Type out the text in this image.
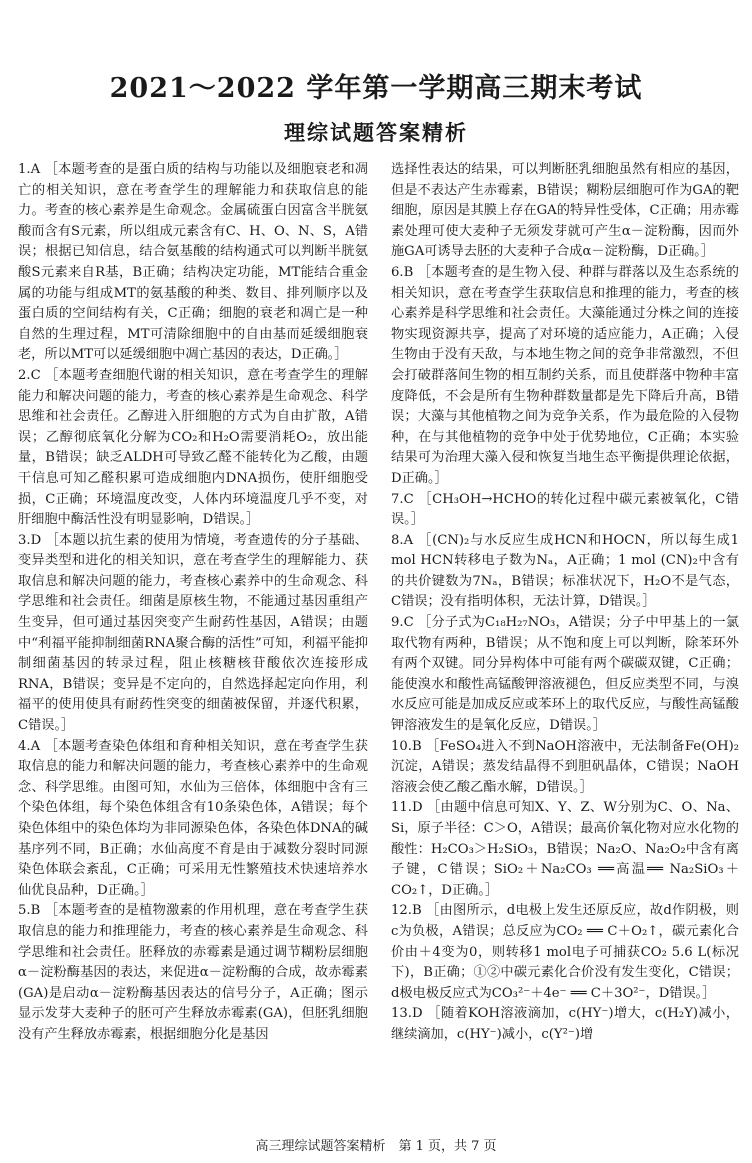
2021～2022 学年第一学期高三期末考试
理综试题答案精析

1.A ［本题考查的是蛋白质的结构与功能以及细胞衰老和凋亡的相关知识，意在考查学生的理解能力和获取信息的能力。考查的核心素养是生命观念。金属硫蛋白因富含半胱氨酸而含有S元素，所以组成元素含有C、H、O、N、S，A错误；根据已知信息，结合氨基酸的结构通式可以判断半胱氨酸S元素来自R基，B正确；结构决定功能，MT能结合重金属的功能与组成MT的氨基酸的种类、数目、排列顺序以及蛋白质的空间结构有关，C正确；细胞的衰老和凋亡是一种自然的生理过程，MT可清除细胞中的自由基而延缓细胞衰老，所以MT可以延缓细胞中凋亡基因的表达，D正确。］

2.C ［本题考查细胞代谢的相关知识，意在考查学生的理解能力和解决问题的能力，考查的核心素养是生命观念、科学思维和社会责任。乙醇进入肝细胞的方式为自由扩散，A错误；乙醇彻底氧化分解为CO₂和H₂O需要消耗O₂，放出能量，B错误；缺乏ALDH可导致乙醛不能转化为乙酸，由题干信息可知乙醛积累可造成细胞内DNA损伤，使肝细胞受损，C正确；环境温度改变，人体内环境温度几乎不变，对肝细胞中酶活性没有明显影响，D错误。］

3.D ［本题以抗生素的使用为情境，考查遗传的分子基础、变异类型和进化的相关知识，意在考查学生的理解能力、获取信息和解决问题的能力，考查核心素养中的生命观念、科学思维和社会责任。细菌是原核生物，不能通过基因重组产生变异，但可通过基因突变产生耐药性基因，A错误；由题中“利福平能抑制细菌RNA聚合酶的活性”可知，利福平能抑制细菌基因的转录过程，阻止核糖核苷酸依次连接形成RNA，B错误；变异是不定向的，自然选择起定向作用，利福平的使用使具有耐药性突变的细菌被保留，并逐代积累，C错误。］

4.A ［本题考查染色体组和育种相关知识，意在考查学生获取信息的能力和解决问题的能力，考查核心素养中的生命观念、科学思维。由图可知，水仙为三倍体，体细胞中含有三个染色体组，每个染色体组含有10条染色体，A错误；每个染色体组中的染色体均为非同源染色体，各染色体DNA的碱基序列不同，B正确；水仙高度不育是由于减数分裂时同源染色体联会紊乱，C正确；可采用无性繁殖技术快速培养水仙优良品种，D正确。］

5.B ［本题考查的是植物激素的作用机理，意在考查学生获取信息的能力和推理能力，考查的核心素养是生命观念、科学思维和社会责任。胚释放的赤霉素是通过调节糊粉层细胞α－淀粉酶基因的表达，来促进α－淀粉酶的合成，故赤霉素(GA)是启动α－淀粉酶基因表达的信号分子，A正确；图示显示发芽大麦种子的胚可产生释放赤霉素(GA)，但胚乳细胞没有产生释放赤霉素，根据细胞分化是基因

选择性表达的结果，可以判断胚乳细胞虽然有相应的基因，但是不表达产生赤霉素，B错误；糊粉层细胞可作为GA的靶细胞，原因是其膜上存在GA的特异性受体，C正确；用赤霉素处理可使大麦种子无须发芽就可产生α－淀粉酶，因而外施GA可诱导去胚的大麦种子合成α－淀粉酶，D正确。］

6.B ［本题考查的是生物入侵、种群与群落以及生态系统的相关知识，意在考查学生获取信息和推理的能力，考查的核心素养是科学思维和社会责任。大藻能通过分株之间的连接物实现资源共享，提高了对环境的适应能力，A正确；入侵生物由于没有天敌，与本地生物之间的竞争非常激烈，不但会打破群落间生物的相互制约关系，而且使群落中物种丰富度降低，不会是所有生物种群数量都是先下降后升高，B错误；大藻与其他植物之间为竞争关系，作为最危险的入侵物种，在与其他植物的竞争中处于优势地位，C正确；本实验结果可为治理大藻入侵和恢复当地生态平衡提供理论依据，D正确。］

7.C ［CH₃OH→HCHO的转化过程中碳元素被氧化，C错误。］

8.A ［(CN)₂与水反应生成HCN和HOCN，所以每生成1 mol HCN转移电子数为Nₐ，A正确；1 mol (CN)₂中含有的共价键数为7Nₐ，B错误；标准状况下，H₂O不是气态，C错误；没有指明体积，无法计算，D错误。］

9.C ［分子式为C₁₈H₂₇NO₃，A错误；分子中甲基上的一氯取代物有两种，B错误；从不饱和度上可以判断，除苯环外有两个双键。同分异构体中可能有两个碳碳双键，C正确；能使溴水和酸性高锰酸钾溶液褪色，但反应类型不同，与溴水反应可能是加成反应或苯环上的取代反应，与酸性高锰酸钾溶液发生的是氧化反应，D错误。］

10.B ［FeSO₄进入不到NaOH溶液中，无法制备Fe(OH)₂沉淀，A错误；蒸发结晶得不到胆矾晶体，C错误；NaOH溶液会使乙酸乙酯水解，D错误。］

11.D ［由题中信息可知X、Y、Z、W分别为C、O、Na、Si，原子半径：C＞O，A错误；最高价氧化物对应水化物的酸性：H₂CO₃＞H₂SiO₃，B错误；Na₂O、Na₂O₂中含有离子键，C错误；SiO₂＋Na₂CO₃ ══高温══ Na₂SiO₃＋CO₂↑，D正确。］

12.B ［由图所示，d电极上发生还原反应，故d作阴极，则c为负极，A错误；总反应为CO₂ ══ C＋O₂↑，碳元素化合价由＋4变为0，则转移1 mol电子可捕获CO₂ 5.6 L(标况下)，B正确；①②中碳元素化合价没有发生变化，C错误；d极电极反应式为CO₃²⁻＋4e⁻ ══ C＋3O²⁻，D错误。］

13.D ［随着KOH溶液滴加，c(HY⁻)增大，c(H₂Y)减小，继续滴加，c(HY⁻)减小，c(Y²⁻)增

高三理综试题答案精析　第 1 页，共 7 页
